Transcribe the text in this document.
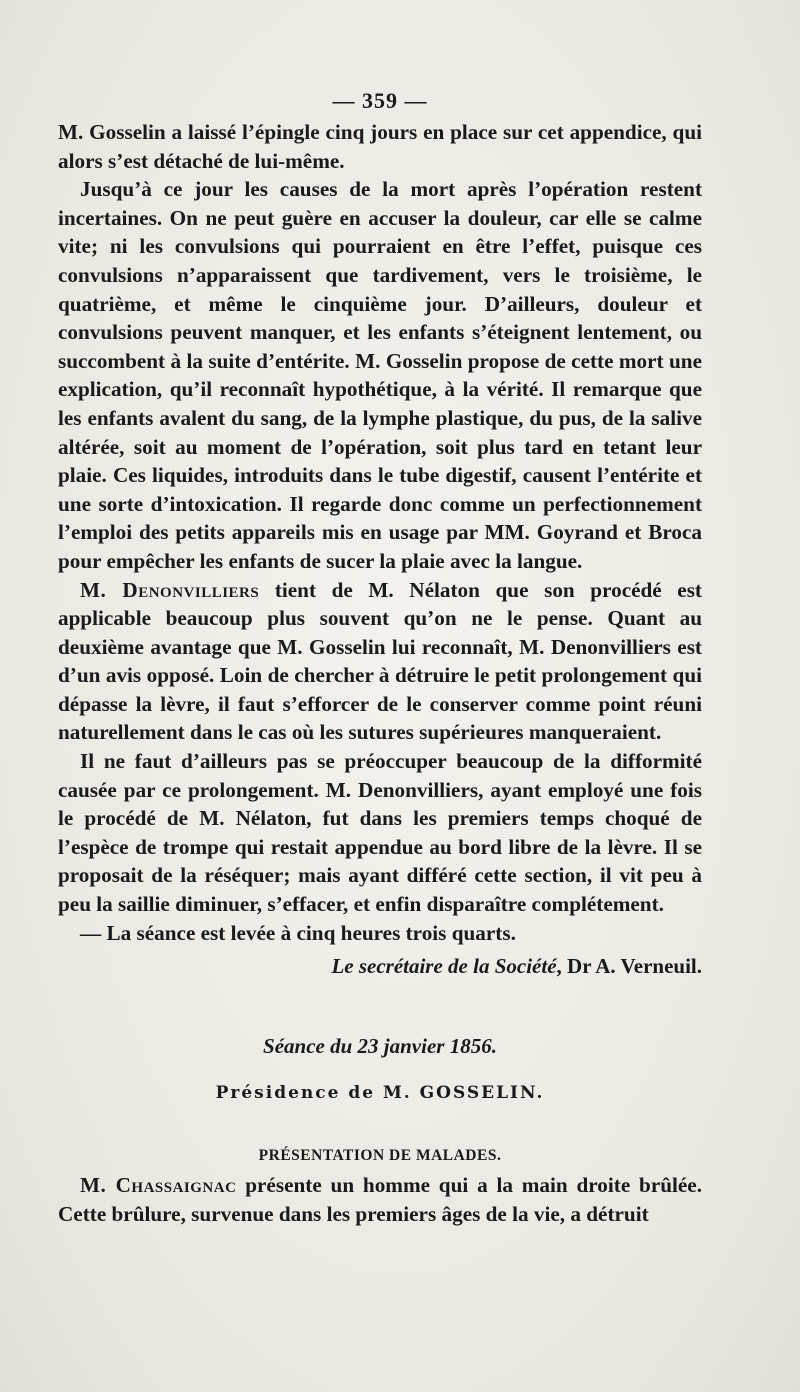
— 359 —

M. Gosselin a laissé l’épingle cinq jours en place sur cet appendice, qui alors s’est détaché de lui-même.

Jusqu’à ce jour les causes de la mort après l’opération restent incertaines. On ne peut guère en accuser la douleur, car elle se calme vite; ni les convulsions qui pourraient en être l’effet, puisque ces convulsions n’apparaissent que tardivement, vers le troisième, le quatrième, et même le cinquième jour. D’ailleurs, douleur et convulsions peuvent manquer, et les enfants s’éteignent lentement, ou succombent à la suite d’entérite. M. Gosselin propose de cette mort une explication, qu’il reconnaît hypothétique, à la vérité. Il remarque que les enfants avalent du sang, de la lymphe plastique, du pus, de la salive altérée, soit au moment de l’opération, soit plus tard en tetant leur plaie. Ces liquides, introduits dans le tube digestif, causent l’entérite et une sorte d’intoxication. Il regarde donc comme un perfectionnement l’emploi des petits appareils mis en usage par MM. Goyrand et Broca pour empêcher les enfants de sucer la plaie avec la langue.

M. Denonvilliers tient de M. Nélaton que son procédé est applicable beaucoup plus souvent qu’on ne le pense. Quant au deuxième avantage que M. Gosselin lui reconnaît, M. Denonvilliers est d’un avis opposé. Loin de chercher à détruire le petit prolongement qui dépasse la lèvre, il faut s’efforcer de le conserver comme point réuni naturellement dans le cas où les sutures supérieures manqueraient.

Il ne faut d’ailleurs pas se préoccuper beaucoup de la difformité causée par ce prolongement. M. Denonvilliers, ayant employé une fois le procédé de M. Nélaton, fut dans les premiers temps choqué de l’espèce de trompe qui restait appendue au bord libre de la lèvre. Il se proposait de la réséquer; mais ayant différé cette section, il vit peu à peu la saillie diminuer, s’effacer, et enfin disparaître complétement.

— La séance est levée à cinq heures trois quarts.

Le secrétaire de la Société, Dr A. Verneuil.
Séance du 23 janvier 1856.
Présidence de M. GOSSELIN.
PRÉSENTATION DE MALADES.

M. Chassaignac présente un homme qui a la main droite brûlée. Cette brûlure, survenue dans les premiers âges de la vie, a détruit
